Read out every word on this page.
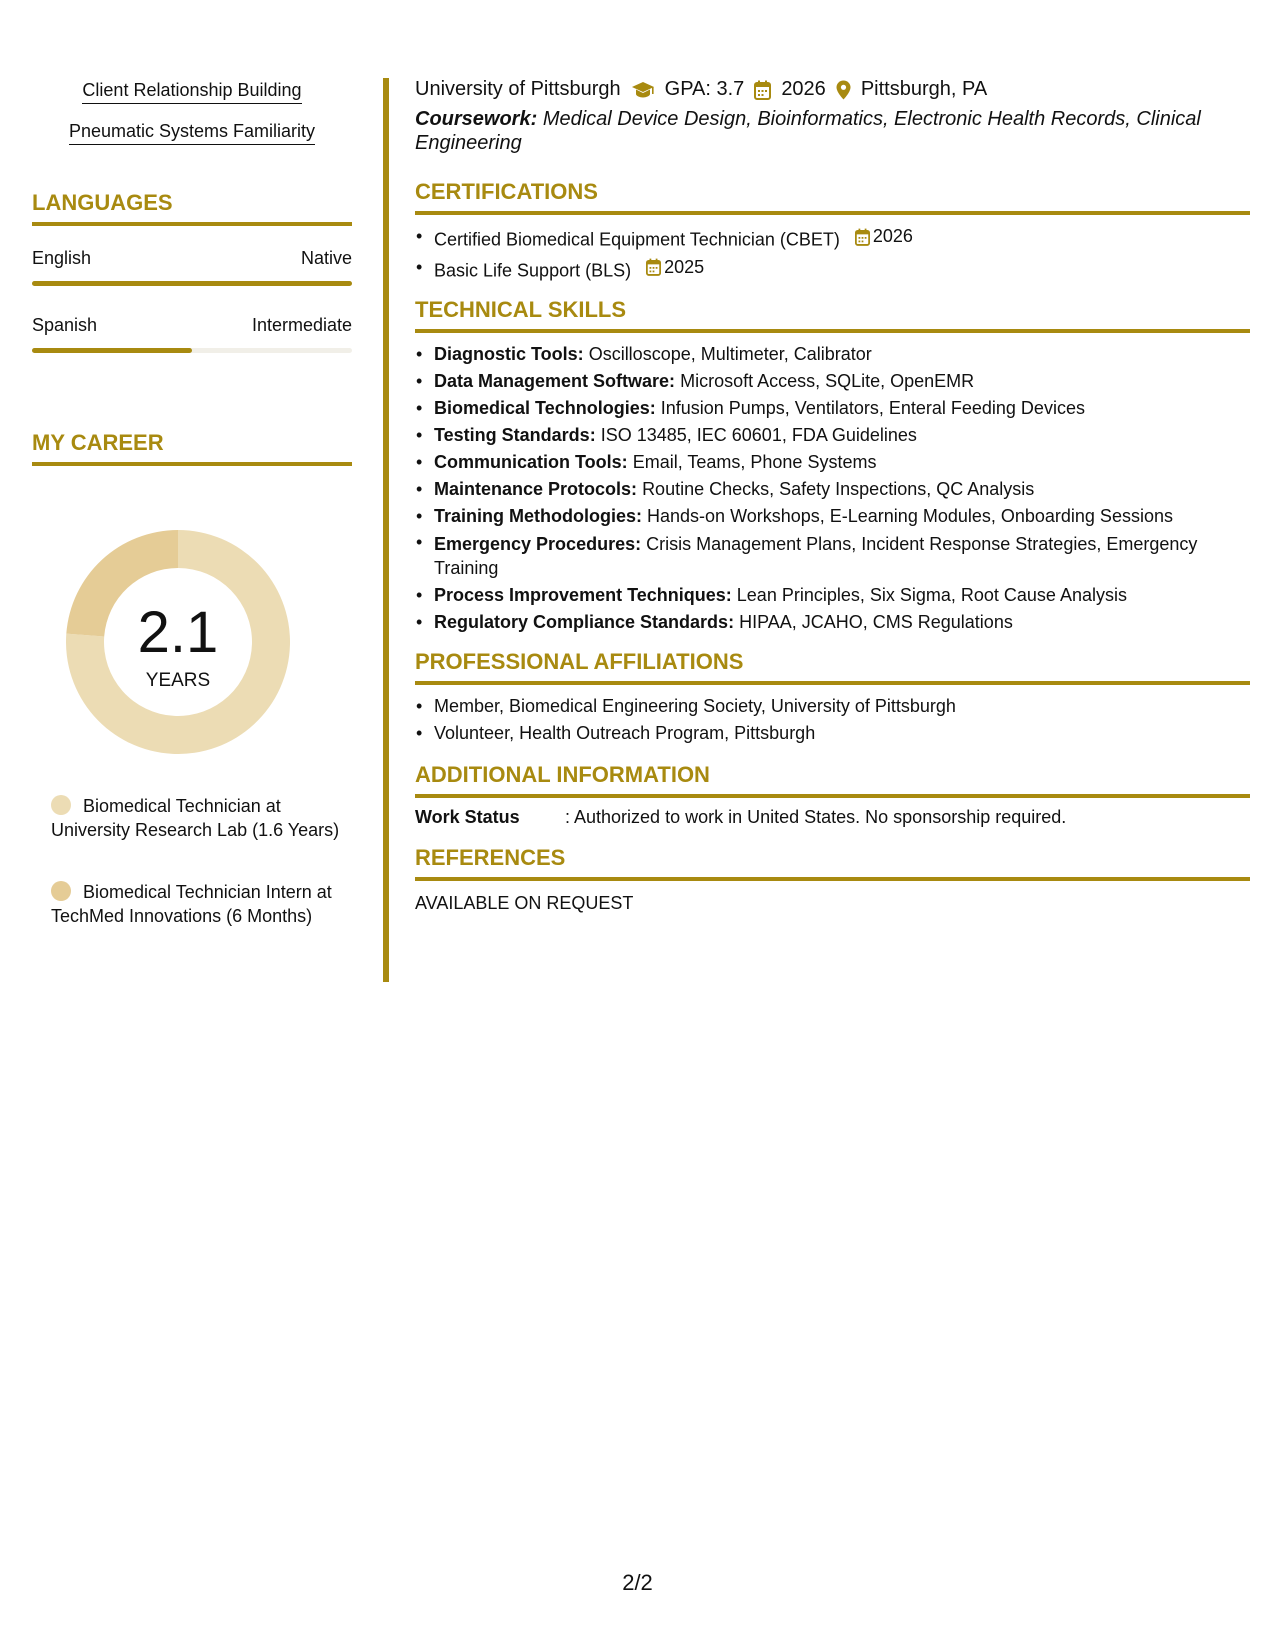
Client Relationship Building
Pneumatic Systems Familiarity
LANGUAGES
English	Native
Spanish	Intermediate
MY CAREER
2.1
YEARS
Biomedical Technician at University Research Lab (1.6 Years)
Biomedical Technician Intern at TechMed Innovations (6 Months)
University of Pittsburgh GPA: 3.7 2026 Pittsburgh, PA
Coursework: Medical Device Design, Bioinformatics, Electronic Health Records, Clinical Engineering
CERTIFICATIONS
• Certified Biomedical Equipment Technician (CBET) 2026
• Basic Life Support (BLS) 2025
TECHNICAL SKILLS
• Diagnostic Tools: Oscilloscope, Multimeter, Calibrator
• Data Management Software: Microsoft Access, SQLite, OpenEMR
• Biomedical Technologies: Infusion Pumps, Ventilators, Enteral Feeding Devices
• Testing Standards: ISO 13485, IEC 60601, FDA Guidelines
• Communication Tools: Email, Teams, Phone Systems
• Maintenance Protocols: Routine Checks, Safety Inspections, QC Analysis
• Training Methodologies: Hands-on Workshops, E-Learning Modules, Onboarding Sessions
• Emergency Procedures: Crisis Management Plans, Incident Response Strategies, Emergency Training
• Process Improvement Techniques: Lean Principles, Six Sigma, Root Cause Analysis
• Regulatory Compliance Standards: HIPAA, JCAHO, CMS Regulations
PROFESSIONAL AFFILIATIONS
• Member, Biomedical Engineering Society, University of Pittsburgh
• Volunteer, Health Outreach Program, Pittsburgh
ADDITIONAL INFORMATION
Work Status	: Authorized to work in United States. No sponsorship required.
REFERENCES
AVAILABLE ON REQUEST
2/2
